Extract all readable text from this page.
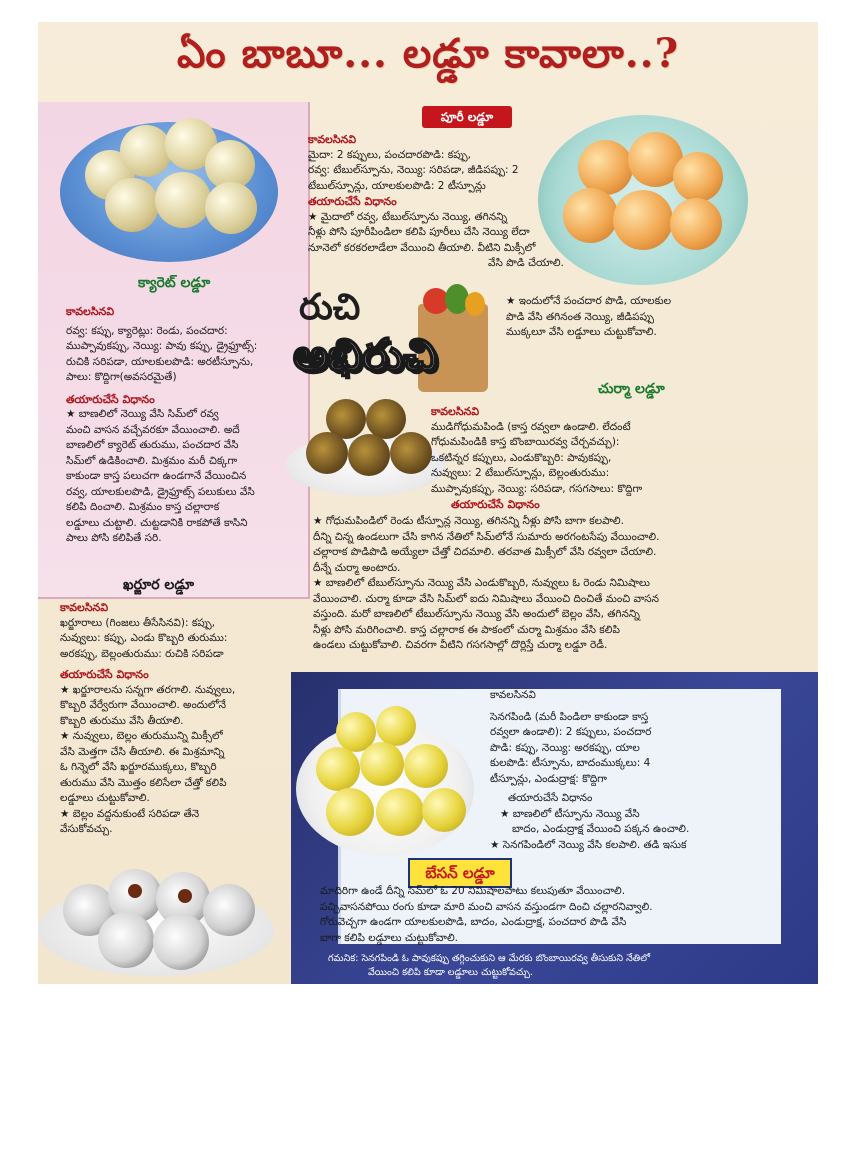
ఏం బాబూ... లడ్డూ కావాలా..?
క్యారెట్ లడ్డూ

కావలసినవి

రవ్వ: కప్పు, క్యారెట్లు: రెండు, పంచదార:

ముప్పావుకప్పు, నెయ్యి: పావు కప్పు, డ్రైఫ్రూట్స్:

రుచికి సరిపడా, యాలకులపొడి: అరటీస్పూను,

పాలు: కొద్దిగా(అవసరమైతే)

తయారుచేసే విధానం

★ బాణలిలో నెయ్యి వేసి సిమ్‌లో రవ్వ

మంచి వాసన వచ్చేవరకూ వేయించాలి. అదే

బాణలిలో క్యారెట్ తురుము, పంచదార వేసి

సిమ్‌లో ఉడికించాలి. మిశ్రమం మరీ చిక్కగా

కాకుండా కాస్త పలుచగా ఉండగానే వేయించిన

రవ్వ, యాలకులపొడి, డ్రైఫ్రూట్స్ పలుకులు వేసి

కలిపి దించాలి. మిశ్రమం కాస్త చల్లారాక

లడ్డూలు చుట్టాలి. చుట్టడానికి రాకపోతే కాసిని

పాలు పోసి కలిపితే సరి.

ఖర్జూర లడ్డూ

కావలసినవి

ఖర్జూరాలు (గింజలు తీసేసినవి): కప్పు,

నువ్వులు: కప్పు, ఎండు కొబ్బరి తురుము:

అరకప్పు, బెల్లంతురుము: రుచికి సరిపడా

తయారుచేసే విధానం

★ ఖర్జూరాలను సన్నగా తరగాలి. నువ్వులు,

కొబ్బరి వేర్వేరుగా వేయించాలి. అందులోనే

కొబ్బరి తురుము వేసి తీయాలి.

★ నువ్వులు, బెల్లం తురుమున్ని మిక్సీలో

వేసి మెత్తగా చేసి తీయాలి. ఈ మిశ్రమాన్ని

ఓ గిన్నెలో వేసి ఖర్జూరముక్కలు, కొబ్బరి

తురుము వేసి మొత్తం కలిసేలా చేత్తో కలిపి

లడ్డూలు చుట్టుకోవాలి.

★ బెల్లం వద్దనుకుంటే సరిపడా తేనె

వేసుకోవచ్చు.

పూరీ లడ్డూ

కావలసినవి

మైదా: 2 కప్పులు, పంచదారపొడి: కప్పు,

రవ్వ: టేబుల్‌స్పూను, నెయ్యి: సరిపడా, జీడిపప్పు: 2

టేబుల్‌స్పూన్లు, యాలకులపొడి: 2 టీస్పూన్లు

తయారుచేసే విధానం

★ మైదాలో రవ్వ, టేబుల్‌స్పూను నెయ్యి, తగినన్ని

నీళ్లు పోసి పూరీపిండిలా కలిపి పూరీలు చేసి నెయ్యి లేదా

నూనెలో కరకరలాడేలా వేయించి తీయాలి. వీటిని మిక్సీలో

వేసి పొడి చేయాలి.

★ ఇందులోనే పంచదార పొడి, యాలకుల

పొడి వేసి తగినంత నెయ్యి, జీడిపప్పు

ముక్కలూ వేసి లడ్డూలు చుట్టుకోవాలి.

రుచి
అభిరుచి
చుర్మా లడ్డూ

కావలసినవి

ముడిగోధుమపిండి (కాస్త రవ్వలా ఉండాలి. లేదంటే

గోధుమపిండికి కాస్త బొంబాయిరవ్వ చేర్చవచ్చు):

ఒకటిన్నర కప్పులు, ఎండుకొబ్బరి: పావుకప్పు,

నువ్వులు: 2 టేబుల్‌స్పూన్లు, బెల్లంతురుము:

ముప్పావుకప్పు, నెయ్యి: సరిపడా, గసగసాలు: కొద్దిగా

తయారుచేసే విధానం

★ గోధుమపిండిలో రెండు టీస్పూన్ల నెయ్యి, తగినన్ని నీళ్లు పోసి బాగా కలపాలి.

దీన్ని చిన్న ఉండలుగా చేసి కాగిన నేతిలో సిమ్‌లోనే సుమారు అరగంటసేపు వేయించాలి.

చల్లారాక పొడిపొడి అయ్యేలా చేత్తో చిదమాలి. తరవాత మిక్సీలో వేసి రవ్వలా చేయాలి.

దీన్నే చుర్మా అంటారు.

★ బాణలిలో టేబుల్‌స్పూను నెయ్యి వేసి ఎండుకొబ్బరి, నువ్వులు ఓ రెండు నిమిషాలు

వేయించాలి. చుర్మా కూడా వేసి సిమ్‌లో ఐదు నిమిషాలు వేయించి దించితే మంచి వాసన

వస్తుంది. మరో బాణలిలో టేబుల్‌స్పూను నెయ్యి వేసి అందులో బెల్లం వేసి, తగినన్ని

నీళ్లు పోసి మరిగించాలి. కాస్త చల్లారాక ఈ పాకంలో చుర్మా మిశ్రమం వేసి కలిపి

ఉండలు చుట్టుకోవాలి. చివరగా వీటిని గసగసాల్లో దొర్లిస్తే చుర్మా లడ్డూ రెడీ.

బేసన్ లడ్డూ

కావలసినవి

సెనగపిండి (మరీ పిండిలా కాకుండా కాస్త

రవ్వలా ఉండాలి): 2 కప్పులు, పంచదార

పొడి: కప్పు, నెయ్యి: అరకప్పు, యాల

కులపొడి: టీస్పూను, బాదంముక్కలు: 4

టీస్పూన్లు, ఎండుద్రాక్ష: కొద్దిగా

తయారుచేసే విధానం

★ బాణలిలో టీస్పూను నెయ్యి వేసి

బాదం, ఎండుద్రాక్ష వేయించి పక్కన ఉంచాలి.

★ సెనగపిండిలో నెయ్యి వేసి కలపాలి. తడి ఇసుక

మాదిరిగా ఉండే దీన్ని సిమ్‌లో ఓ 20 నిమిషాలపాటు కలుపుతూ వేయించాలి.

పచ్చివాసనపోయి రంగు కూడా మారి మంచి వాసన వస్తుండగా దించి చల్లారనివ్వాలి.

గోరువెచ్చగా ఉండగా యాలకులపొడి, బాదం, ఎండుద్రాక్ష, పంచదార పొడి వేసి

బాగా కలిపి లడ్డూలు చుట్టుకోవాలి.

గమనిక: సెనగపిండి ఓ పావుకప్పు తగ్గించుకుని ఆ మేరకు బొంబాయిరవ్వ తీసుకుని నేతిలో

వేయించి కలిపి కూడా లడ్డూలు చుట్టుకోవచ్చు.
